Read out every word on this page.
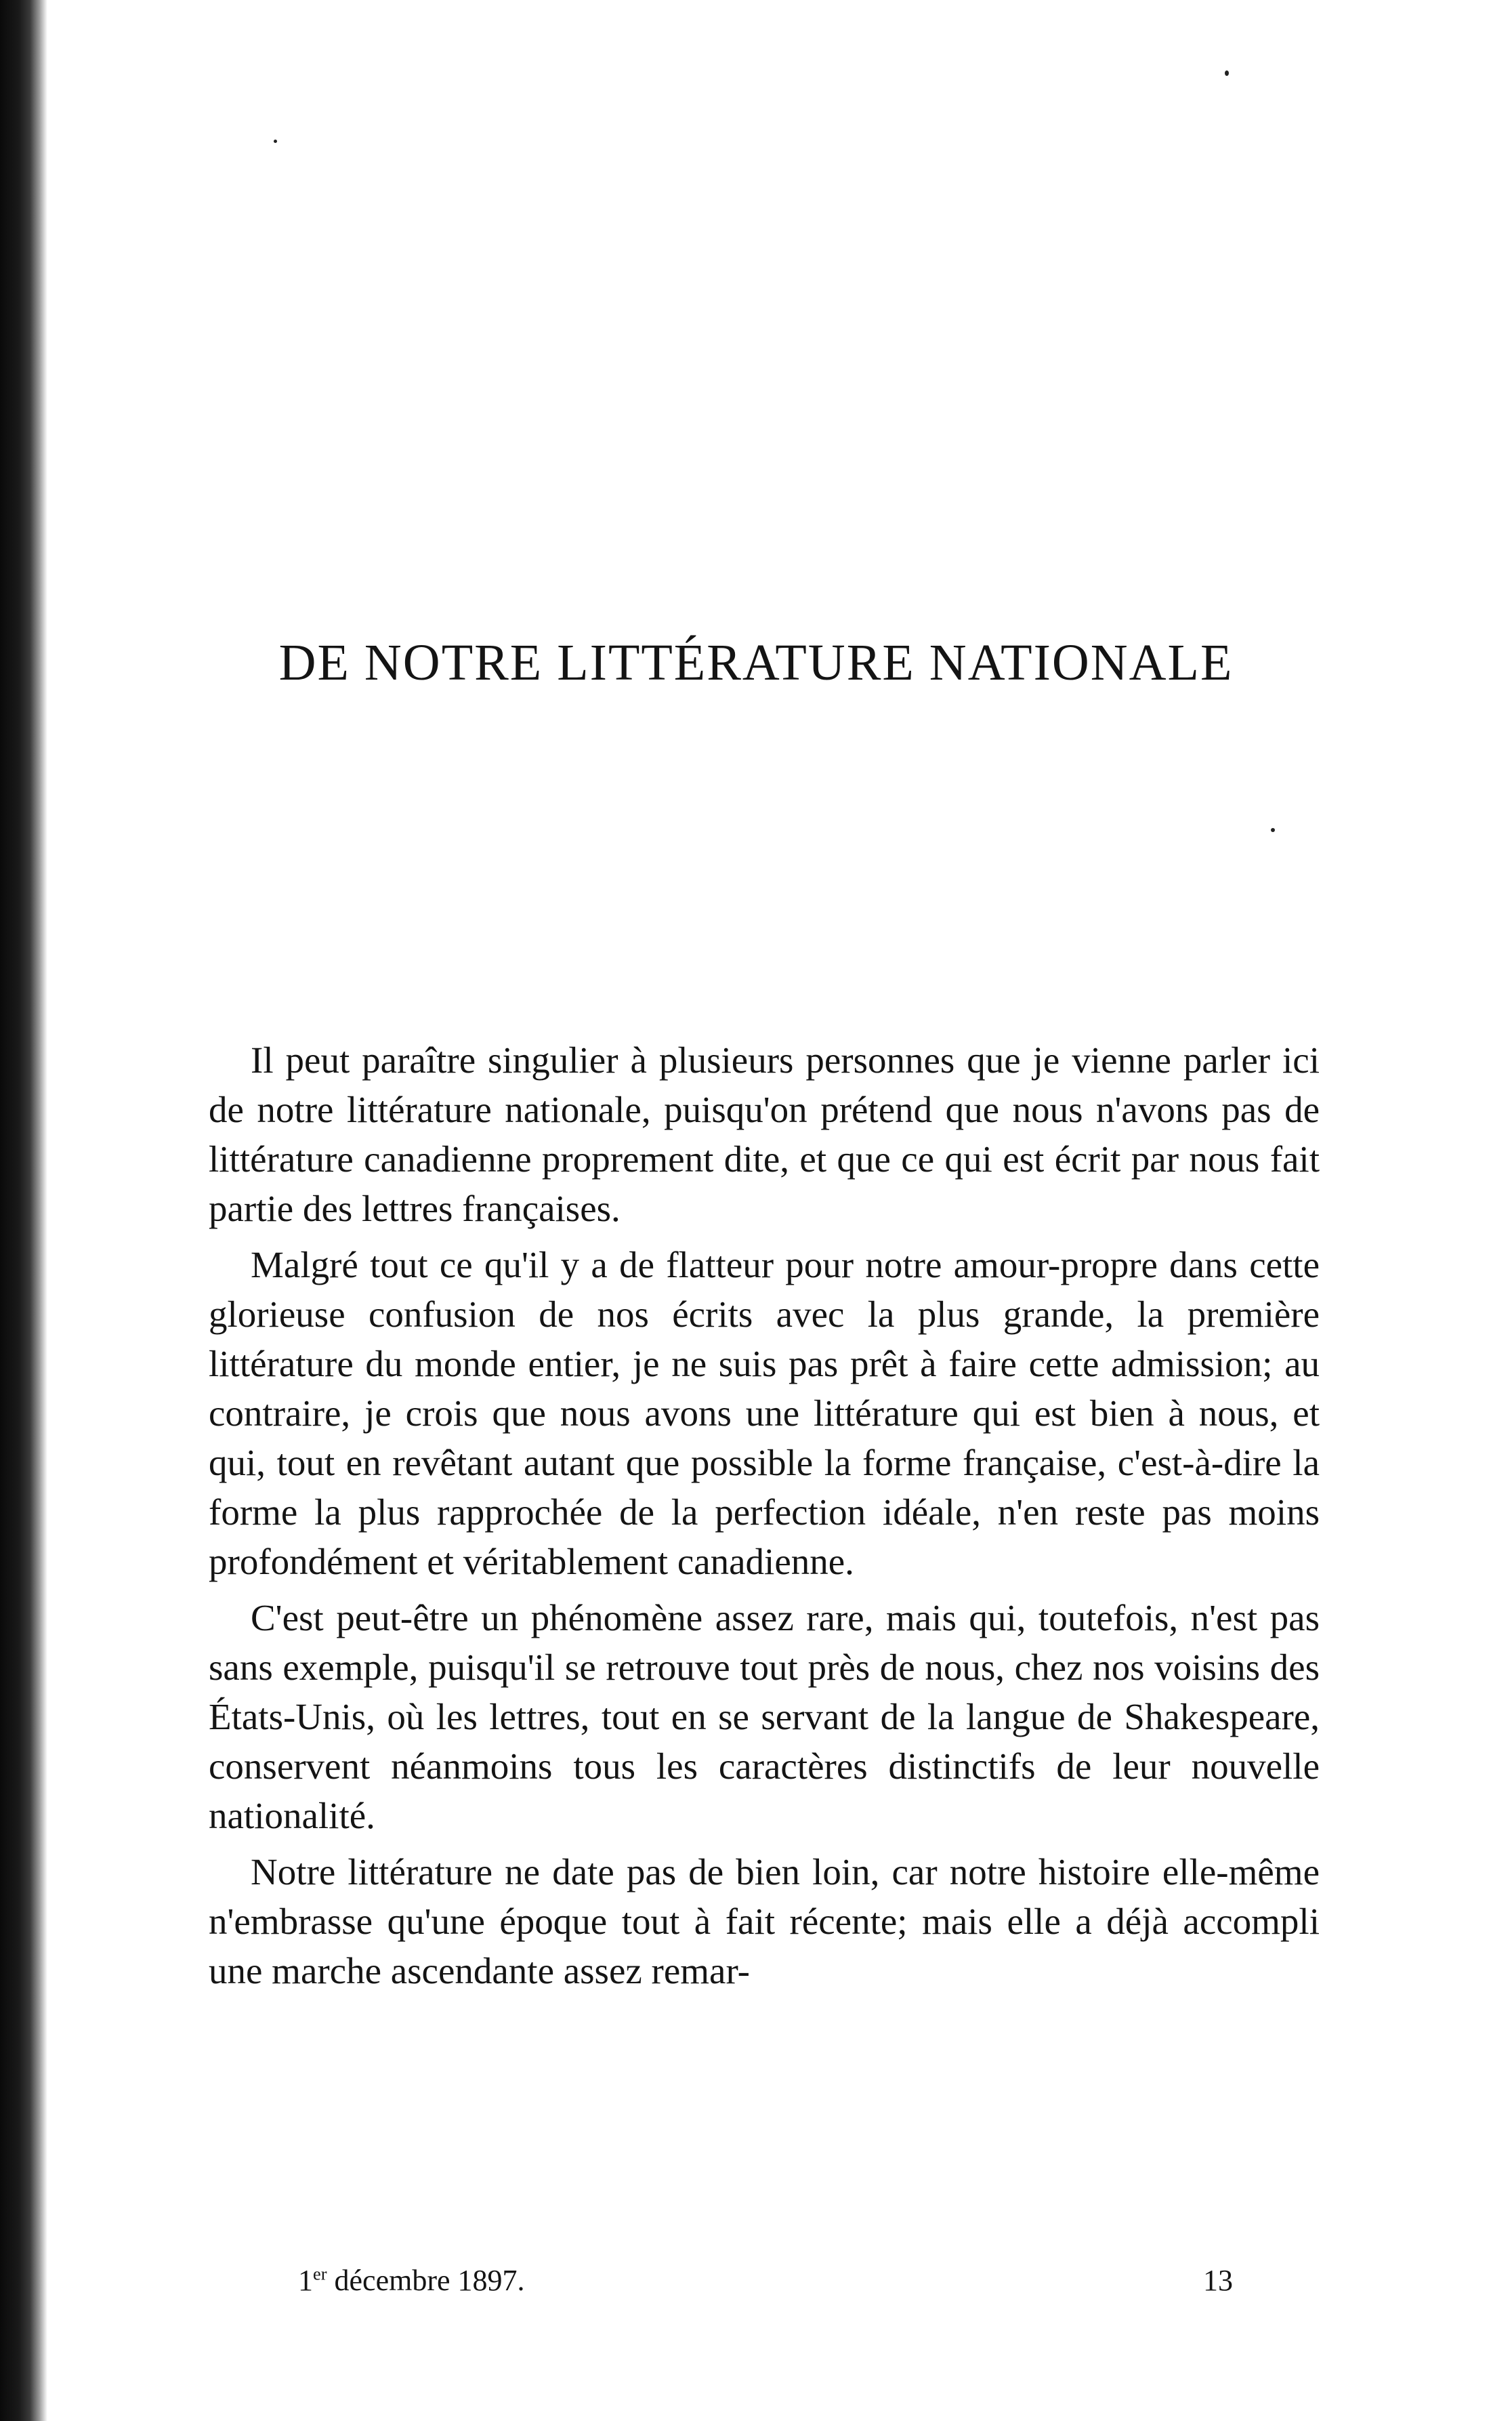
DE NOTRE LITTÉRATURE NATIONALE

Il peut paraître singulier à plusieurs personnes que je vienne parler ici de notre littérature nationale, puisqu'on prétend que nous n'avons pas de littérature canadienne proprement dite, et que ce qui est écrit par nous fait partie des lettres françaises.

Malgré tout ce qu'il y a de flatteur pour notre amour-propre dans cette glorieuse confusion de nos écrits avec la plus grande, la première littérature du monde entier, je ne suis pas prêt à faire cette admission; au contraire, je crois que nous avons une littérature qui est bien à nous, et qui, tout en revêtant autant que possible la forme française, c'est-à-dire la forme la plus rapprochée de la perfection idéale, n'en reste pas moins profondément et véritablement canadienne.

C'est peut-être un phénomène assez rare, mais qui, toutefois, n'est pas sans exemple, puisqu'il se retrouve tout près de nous, chez nos voisins des États-Unis, où les lettres, tout en se servant de la langue de Shakespeare, conservent néanmoins tous les caractères distinctifs de leur nouvelle nationalité.

Notre littérature ne date pas de bien loin, car notre histoire elle-même n'embrasse qu'une époque tout à fait récente; mais elle a déjà accompli une marche ascendante assez remar-

1er décembre 1897.	13
